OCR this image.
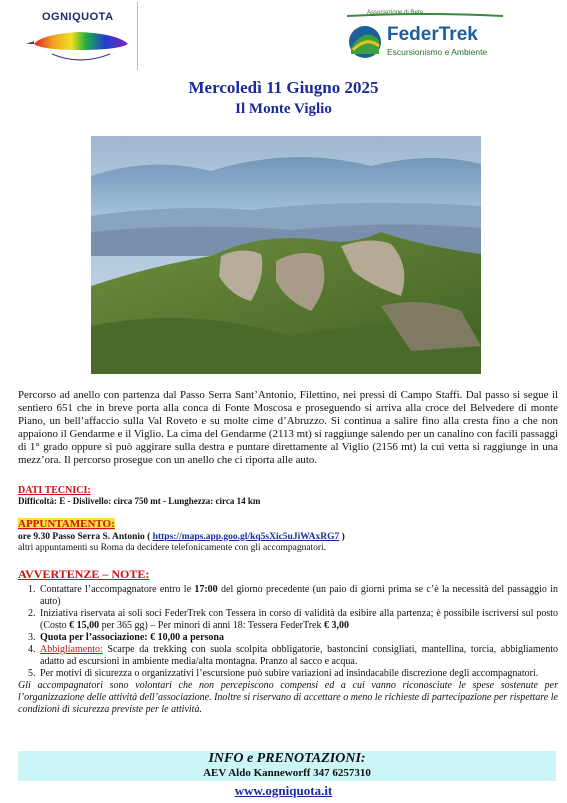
OGNIQUOTA	Associazione di Rete
FederTrek
Escursionismo e Ambiente
Mercoledì 11 Giugno 2025
Il Monte Viglio

Percorso ad anello con partenza dal Passo Serra Sant’Antonio, Filettino, nei pressi di Campo Staffi. Dal passo si segue il sentiero 651 che in breve porta alla conca di Fonte Moscosa e proseguendo si arriva alla croce del Belvedere di monte Piano, un bell’affaccio sulla Val Roveto e su molte cime d’Abruzzo. Si continua a salire fino alla cresta fino a che non appaiono il Gendarme e il Viglio. La cima del Gendarme (2113 mt) si raggiunge salendo per un canalino con facili passaggi di 1° grado oppure si può aggirare sulla destra e puntare direttamente al Viglio (2156 mt) la cui vetta si raggiunge in una mezz’ora. Il percorso prosegue con un anello che ci riporta alle auto.

DATI TECNICI:
Difficoltà: E - Dislivello: circa 750 mt - Lunghezza: circa 14 km
APPUNTAMENTO:
ore 9.30 Passo Serra S. Antonio ( https://maps.app.goo.gl/kq5sXic5uJiWAxRG7 )
altri appuntamenti su Roma da decidere telefonicamente con gli accompagnatori.
AVVERTENZE – NOTE:
1. Contattare l’accompagnatore entro le 17:00 del giorno precedente (un paio di giorni prima se c’è la necessità del passaggio in auto)
2. Iniziativa riservata ai soli soci FederTrek con Tessera in corso di validità da esibire alla partenza; è possibile iscriversi sul posto (Costo € 15,00 per 365 gg) – Per minori di anni 18: Tessera FederTrek € 3,00
3. Quota per l’associazione: € 10,00 a persona
4. Abbigliamento: Scarpe da trekking con suola scolpita obbligatorie, bastoncini consigliati, mantellina, torcia, abbigliamento adatto ad escursioni in ambiente media/alta montagna. Pranzo al sacco e acqua.
5. Per motivi di sicurezza o organizzativi l’escursione può subire variazioni ad insindacabile discrezione degli accompagnatori.

Gli accompagnatori sono volontari che non percepiscono compensi ed a cui vanno riconosciute le spese sostenute per l’organizzazione delle attività dell’associazione. Inoltre si riservano di accettare o meno le richieste di partecipazione per rispettare le condizioni di sicurezza previste per le attività.

INFO e PRENOTAZIONI:
AEV Aldo Kanneworff 347 6257310
www.ogniquota.it
